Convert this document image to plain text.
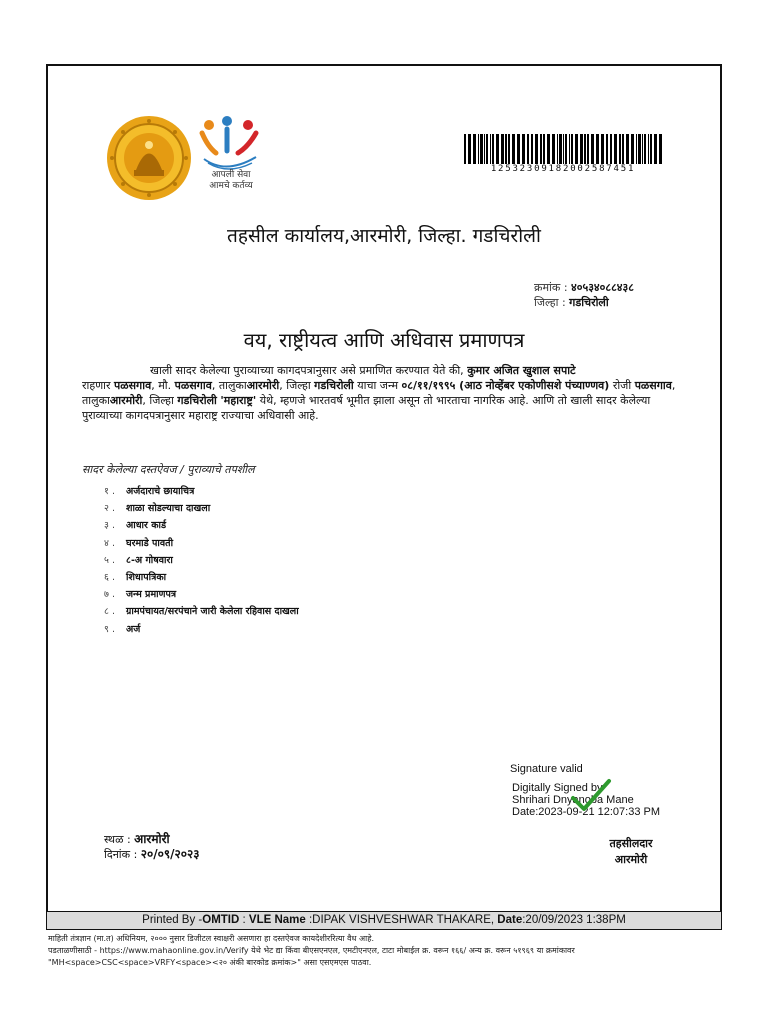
आपली सेवा
आमचे कर्तव्य
12532309182002587451
तहसील कार्यालय,आरमोरी, जिल्हा. गडचिरोली
क्रमांक : ४०५३४०८८४३८
जिल्हा : गडचिरोली
वय, राष्ट्रीयत्व आणि अधिवास प्रमाणपत्र

खाली सादर केलेल्या पुराव्याच्या कागदपत्रानुसार असे प्रमाणित करण्यात येते की, कुमार अजित खुशाल सपाटे

राहणार पळसगाव, मौ. पळसगाव, तालुकाआरमोरी, जिल्हा गडचिरोली याचा जन्म ०८/११/१९९५ (आठ नोव्हेंबर एकोणीसशे पंच्याण्णव) रोजी पळसगाव, तालुकाआरमोरी, जिल्हा गडचिरोली 'महाराष्ट्र' येथे, म्हणजे भारतवर्ष भूमीत झाला असून तो भारताचा नागरिक आहे. आणि तो खाली सादर केलेल्या पुराव्याच्या कागदपत्रानुसार महाराष्ट्र राज्याचा अधिवासी आहे.

सादर केलेल्या दस्तऐवज / पुराव्याचे तपशील
१ .	अर्जदाराचे छायाचित्र
२ .	शाळा सोडल्याचा दाखला
३ .	आधार कार्ड
४ .	घरमाडे पावती
५ .	८-अ गोषवारा
६ .	शिधापत्रिका
७ .	जन्म प्रमाणपत्र
८ .	ग्रामपंचायत/सरपंचाने जारी केलेला रहिवास दाखला
९ .	अर्ज
Signature valid
Digitally Signed by
Shrihari Dnyanoba Mane
Date:2023-09-21 12:07:33 PM
स्थळ : आरमोरी
दिनांक : २०/०९/२०२३
तहसीलदार
आरमोरी
Printed By -OMTID : VLE Name :DIPAK VISHVESHWAR THAKARE, Date:20/09/2023 1:38PM
माहिती तंत्रज्ञान (मा.त) अधिनियम, २००० नुसार डिजीटल स्वाक्षरी असणारा हा दस्तऐवज कायदेशीररित्या वैध आहे.
पडताळणीसाठी - https://www.mahaonline.gov.in/Verify येथे भेट द्या किंवा बीएसएनएल, एमटीएनएल, टाटा मोबाईल क्र. वरून १६६/ अन्य क्र. वरून ५१९६९ या क्रमांकावर
"MH<space>CSC<space>VRFY<space><२० अंकी बारकोड क्रमांक>" असा एसएमएस पाठवा.
